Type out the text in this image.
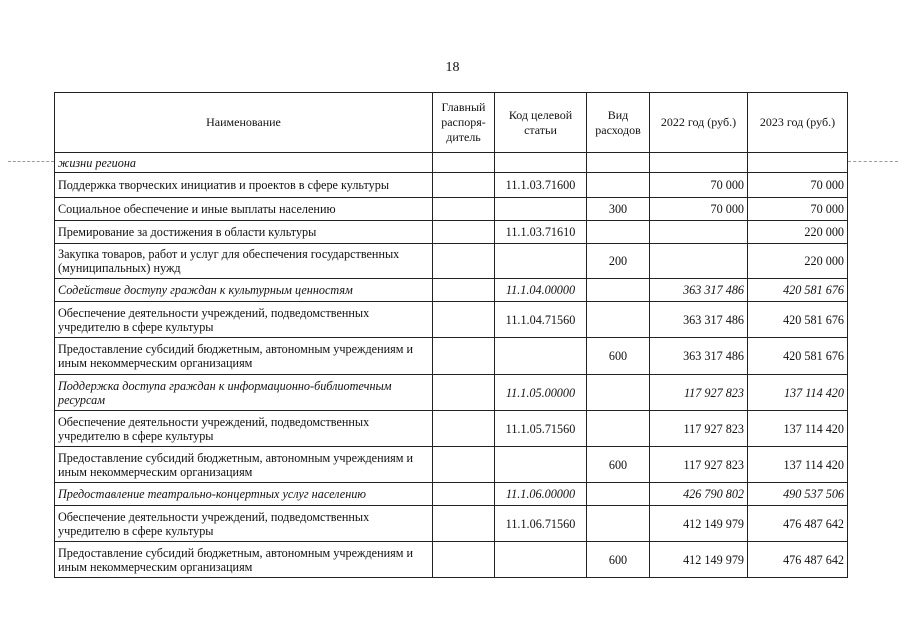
18
Наименование	Главный распоря-дитель	Код целевой статьи	Вид расходов	2022 год (руб.)	2023 год (руб.)
жизни региона					
Поддержка творческих инициатив и проектов в сфере культуры		11.1.03.71600		70 000	70 000
Социальное обеспечение и иные выплаты населению			300	70 000	70 000
Премирование за достижения в области культуры		11.1.03.71610			220 000
Закупка товаров, работ и услуг для обеспечения государственных (муниципальных) нужд			200		220 000
Содействие доступу граждан к культурным ценностям		11.1.04.00000		363 317 486	420 581 676
Обеспечение деятельности учреждений, подведомственных учредителю в сфере культуры		11.1.04.71560		363 317 486	420 581 676
Предоставление субсидий бюджетным, автономным учреждениям и иным некоммерческим организациям			600	363 317 486	420 581 676
Поддержка доступа граждан к информационно-библиотечным ресурсам		11.1.05.00000		117 927 823	137 114 420
Обеспечение деятельности учреждений, подведомственных учредителю в сфере культуры		11.1.05.71560		117 927 823	137 114 420
Предоставление субсидий бюджетным, автономным учреждениям и иным некоммерческим организациям			600	117 927 823	137 114 420
Предоставление театрально-концертных услуг населению		11.1.06.00000		426 790 802	490 537 506
Обеспечение деятельности учреждений, подведомственных учредителю в сфере культуры		11.1.06.71560		412 149 979	476 487 642
Предоставление субсидий бюджетным, автономным учреждениям и иным некоммерческим организациям			600	412 149 979	476 487 642
